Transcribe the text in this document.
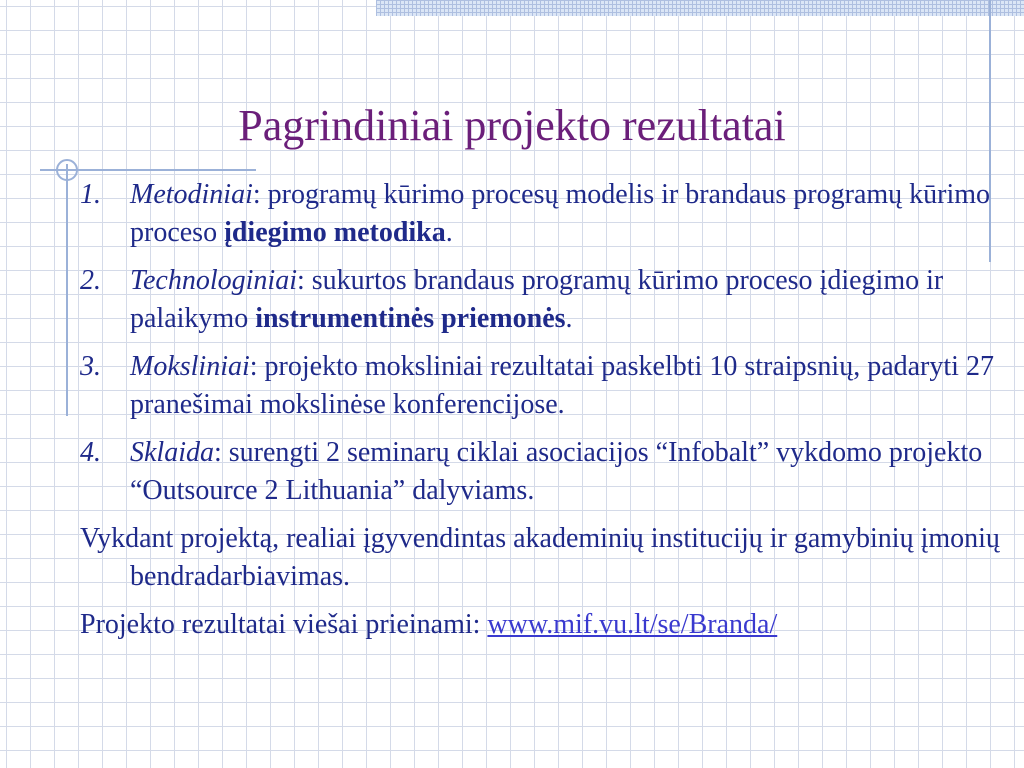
Pagrindiniai projekto rezultatai
1. Metodiniai: programų kūrimo procesų modelis ir brandaus programų kūrimo proceso įdiegimo metodika.
2. Technologiniai: sukurtos brandaus programų kūrimo proceso įdiegimo ir palaikymo instrumentinės priemonės.
3. Moksliniai: projekto moksliniai rezultatai paskelbti 10 straipsnių, padaryti 27 pranešimai mokslinėse konferencijose.
4. Sklaida: surengti 2 seminarų ciklai asociacijos “Infobalt” vykdomo projekto “Outsource 2 Lithuania” dalyviams.
Vykdant projektą, realiai įgyvendintas akademinių institucijų ir gamybinių įmonių bendradarbiavimas.
Projekto rezultatai viešai prieinami: www.mif.vu.lt/se/Branda/
